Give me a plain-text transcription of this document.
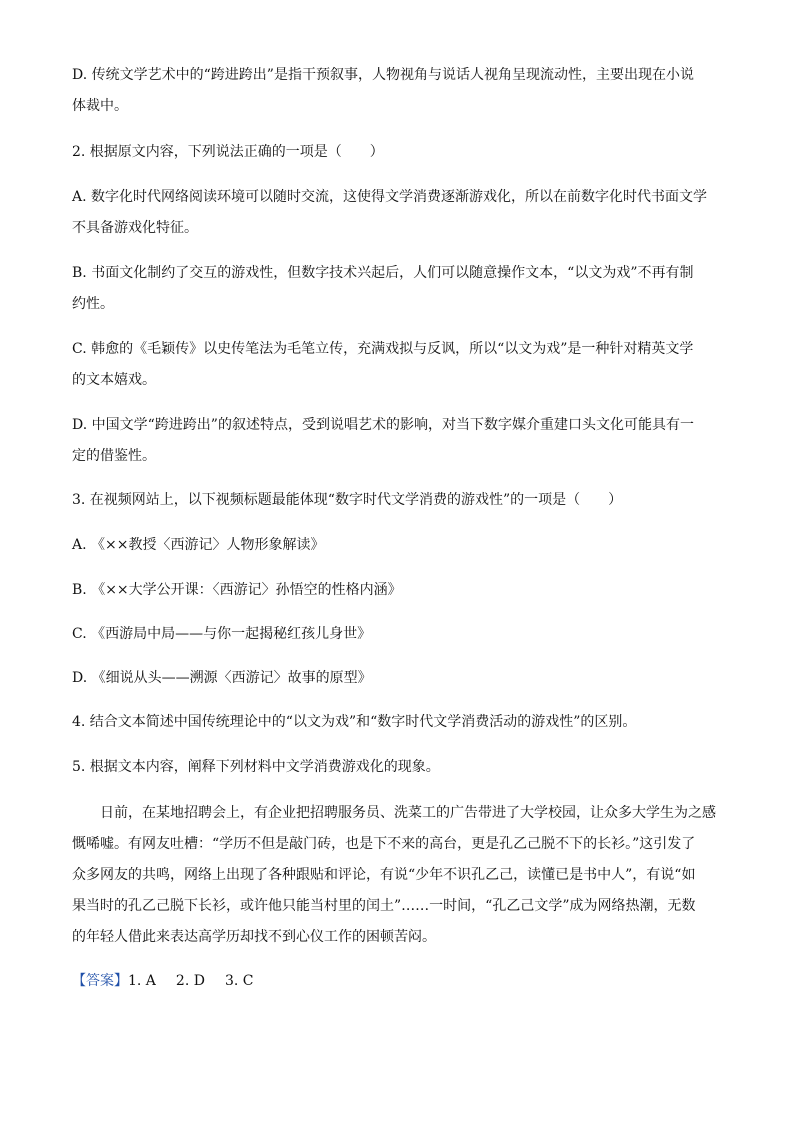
D. 传统文学艺术中的“跨进跨出”是指干预叙事，人物视角与说话人视角呈现流动性，主要出现在小说
体裁中。

2. 根据原文内容，下列说法正确的一项是（　　）

A. 数字化时代网络阅读环境可以随时交流，这使得文学消费逐渐游戏化，所以在前数字化时代书面文学
不具备游戏化特征。

B. 书面文化制约了交互的游戏性，但数字技术兴起后，人们可以随意操作文本，“以文为戏”不再有制
约性。

C. 韩愈的《毛颖传》以史传笔法为毛笔立传，充满戏拟与反讽，所以“以文为戏”是一种针对精英文学
的文本嬉戏。

D. 中国文学“跨进跨出”的叙述特点，受到说唱艺术的影响，对当下数字媒介重建口头文化可能具有一
定的借鉴性。

3. 在视频网站上，以下视频标题最能体现“数字时代文学消费的游戏性”的一项是（　　）

A. 《××教授〈西游记〉人物形象解读》

B. 《××大学公开课：〈西游记〉孙悟空的性格内涵》

C. 《西游局中局——与你一起揭秘红孩儿身世》

D. 《细说从头——溯源〈西游记〉故事的原型》

4. 结合文本简述中国传统理论中的“以文为戏”和“数字时代文学消费活动的游戏性”的区别。

5. 根据文本内容，阐释下列材料中文学消费游戏化的现象。

　　日前，在某地招聘会上，有企业把招聘服务员、洗菜工的广告带进了大学校园，让众多大学生为之感
慨唏嘘。有网友吐槽：“学历不但是敲门砖，也是下不来的高台，更是孔乙己脱不下的长衫。”这引发了
众多网友的共鸣，网络上出现了各种跟贴和评论，有说“少年不识孔乙己，读懂已是书中人”，有说“如
果当时的孔乙己脱下长衫，或许他只能当村里的闰土”……一时间，“孔乙己文学”成为网络热潮，无数
的年轻人借此来表达高学历却找不到心仪工作的困顿苦闷。

【答案】1. A 2. D 3. C
